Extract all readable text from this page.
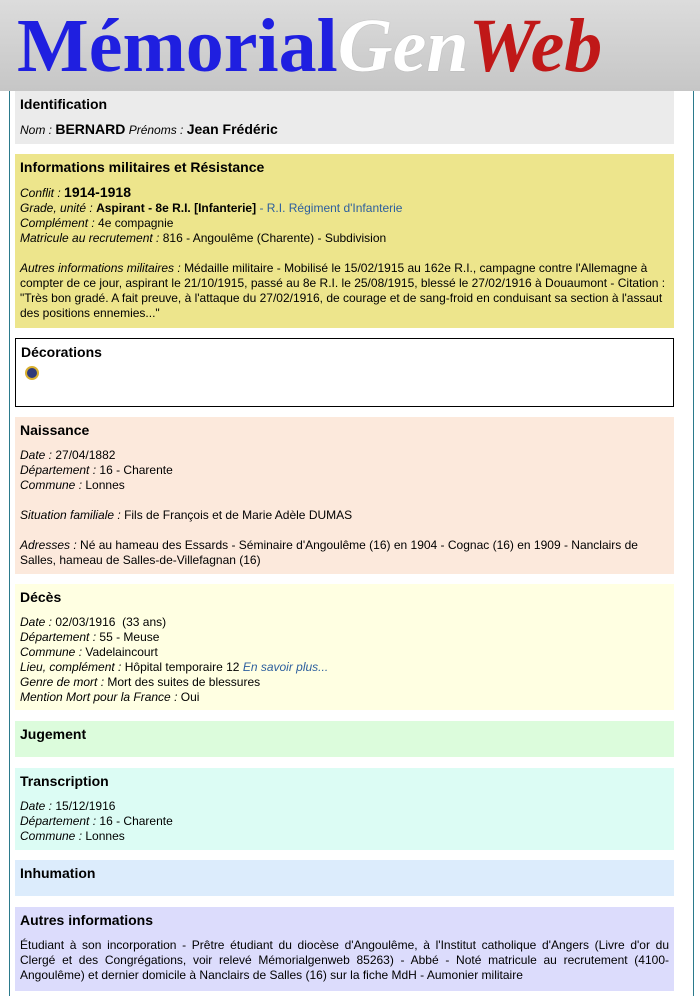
MémorialGenWeb
Identification
Nom : BERNARD Prénoms : Jean Frédéric
Informations militaires et Résistance
Conflit : 1914-1918
Grade, unité : Aspirant - 8e R.I. [Infanterie] - R.I. Régiment d'Infanterie
Complément : 4e compagnie
Matricule au recrutement : 816 - Angoulême (Charente) - Subdivision
Autres informations militaires : Médaille militaire - Mobilisé le 15/02/1915 au 162e R.I., campagne contre l'Allemagne à compter de ce jour, aspirant le 21/10/1915, passé au 8e R.I. le 25/08/1915, blessé le 27/02/1916 à Douaumont - Citation : "Très bon gradé. A fait preuve, à l'attaque du 27/02/1916, de courage et de sang-froid en conduisant sa section à l'assaut des positions ennemies..."
Décorations
Naissance
Date : 27/04/1882
Département : 16 - Charente
Commune : Lonnes
Situation familiale : Fils de François et de Marie Adèle DUMAS
Adresses : Né au hameau des Essards - Séminaire d'Angoulême (16) en 1904 - Cognac (16) en 1909 - Nanclairs de Salles, hameau de Salles-de-Villefagnan (16)
Décès
Date : 02/03/1916  (33 ans)
Département : 55 - Meuse
Commune : Vadelaincourt
Lieu, complément : Hôpital temporaire 12 En savoir plus...
Genre de mort : Mort des suites de blessures
Mention Mort pour la France : Oui
Jugement
Transcription
Date : 15/12/1916
Département : 16 - Charente
Commune : Lonnes
Inhumation
Autres informations
Étudiant à son incorporation - Prêtre étudiant du diocèse d'Angoulême, à l'Institut catholique d'Angers (Livre d'or du Clergé et des Congrégations, voir relevé Mémorialgenweb 85263) - Abbé - Noté matricule au recrutement (4100-Angoulême) et dernier domicile à Nanclairs de Salles (16) sur la fiche MdH - Aumonier militaire
